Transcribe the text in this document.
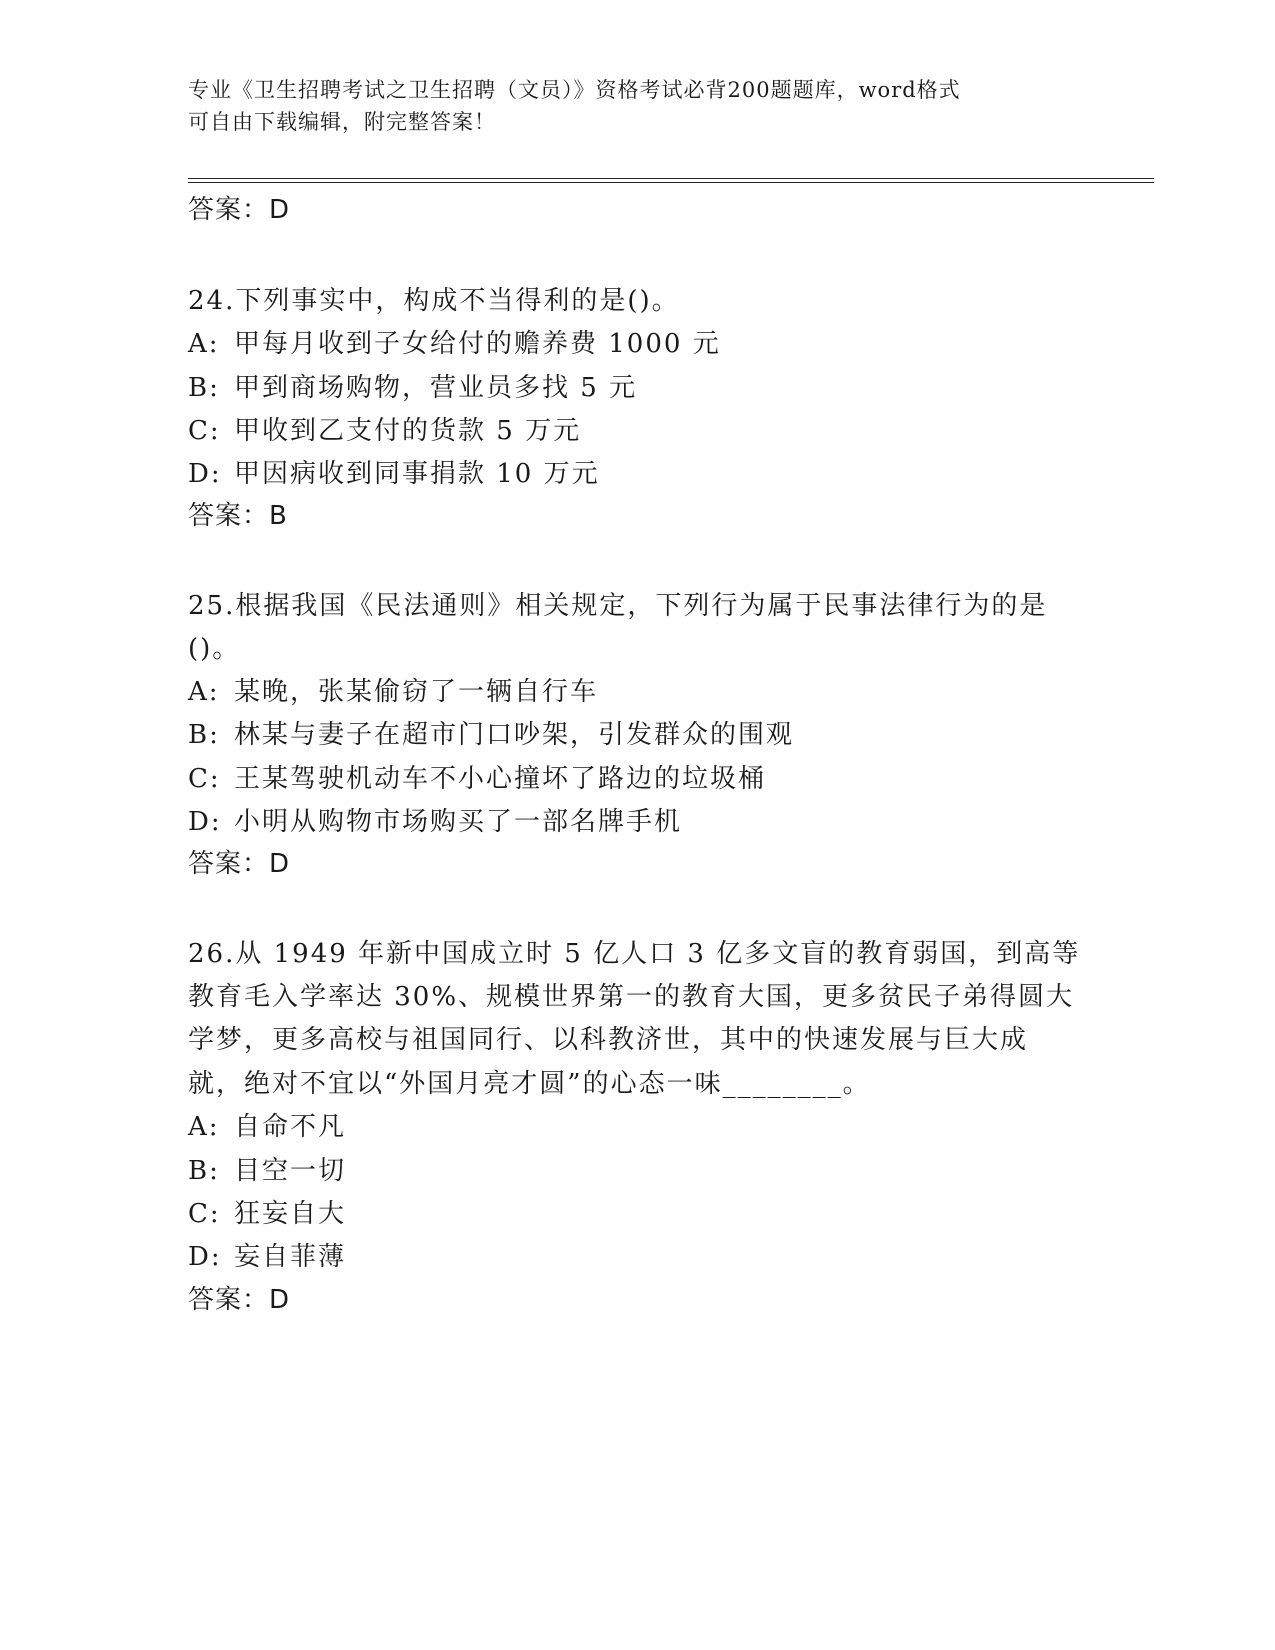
专业《卫生招聘考试之卫生招聘（文员）》资格考试必背200题题库，word格式
可自由下载编辑，附完整答案！
答案：D
24.下列事实中，构成不当得利的是()。
A: 甲每月收到子女给付的赡养费 1000 元
B: 甲到商场购物，营业员多找 5 元
C: 甲收到乙支付的货款 5 万元
D: 甲因病收到同事捐款 10 万元
答案：B
25.根据我国《民法通则》相关规定，下列行为属于民事法律行为的是
()。
A: 某晚，张某偷窃了一辆自行车
B: 林某与妻子在超市门口吵架，引发群众的围观
C: 王某驾驶机动车不小心撞坏了路边的垃圾桶
D: 小明从购物市场购买了一部名牌手机
答案：D
26.从 1949 年新中国成立时 5 亿人口 3 亿多文盲的教育弱国，到高等
教育毛入学率达 30%、规模世界第一的教育大国，更多贫民子弟得圆大
学梦，更多高校与祖国同行、以科教济世，其中的快速发展与巨大成
就，绝对不宜以“外国月亮才圆”的心态一味________。
A: 自命不凡
B: 目空一切
C: 狂妄自大
D: 妄自菲薄
答案：D
